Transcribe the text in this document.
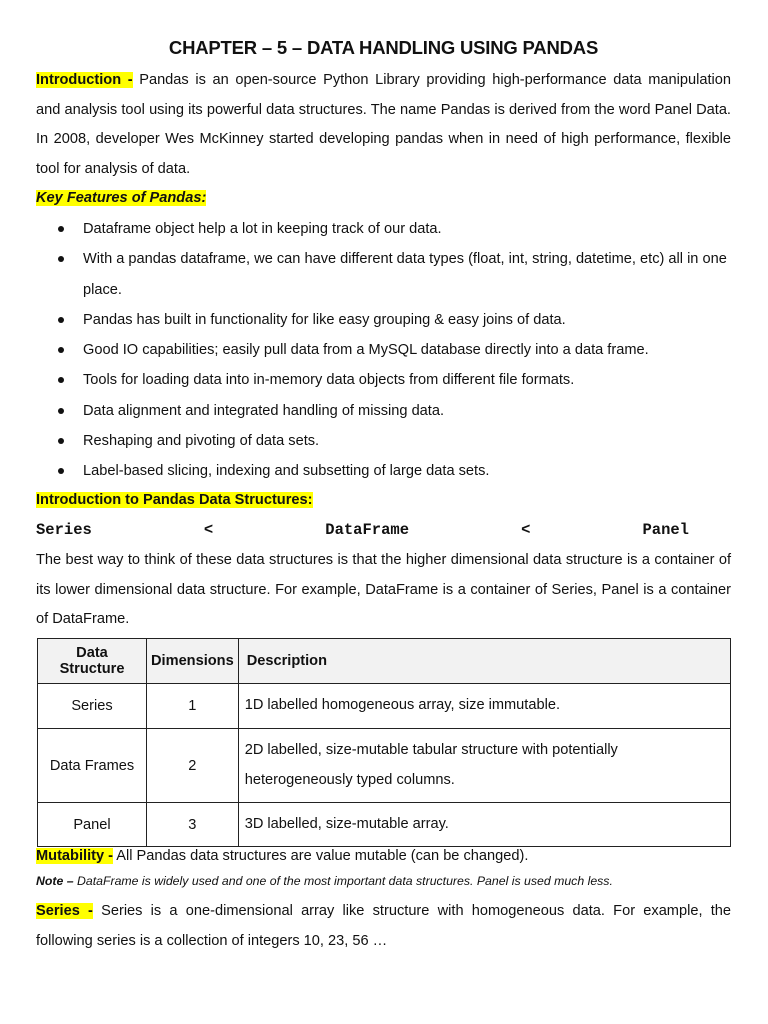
CHAPTER – 5 – DATA HANDLING USING PANDAS
Introduction - Pandas is an open-source Python Library providing high-performance data manipulation and analysis tool using its powerful data structures. The name Pandas is derived from the word Panel Data. In 2008, developer Wes McKinney started developing pandas when in need of high performance, flexible tool for analysis of data.
Key Features of Pandas:
Dataframe object help a lot in keeping track of our data.
With a pandas dataframe, we can have different data types (float, int, string, datetime, etc) all in one place.
Pandas has built in functionality for like easy grouping & easy joins of data.
Good IO capabilities; easily pull data from a MySQL database directly into a data frame.
Tools for loading data into in-memory data objects from different file formats.
Data alignment and integrated handling of missing data.
Reshaping and pivoting of data sets.
Label-based slicing, indexing and subsetting of large data sets.
Introduction to Pandas Data Structures:
Series	<	DataFrame	<	Panel
The best way to think of these data structures is that the higher dimensional data structure is a container of its lower dimensional data structure. For example, DataFrame is a container of Series, Panel is a container of DataFrame.
Data Structure	Dimensions	Description
Series	1	1D labelled homogeneous array, size immutable.
Data Frames	2	2D labelled, size-mutable tabular structure with potentially heterogeneously typed columns.
Panel	3	3D labelled, size-mutable array.
Mutability - All Pandas data structures are value mutable (can be changed).
Note – DataFrame is widely used and one of the most important data structures. Panel is used much less.
Series - Series is a one-dimensional array like structure with homogeneous data. For example, the following series is a collection of integers 10, 23, 56 …
